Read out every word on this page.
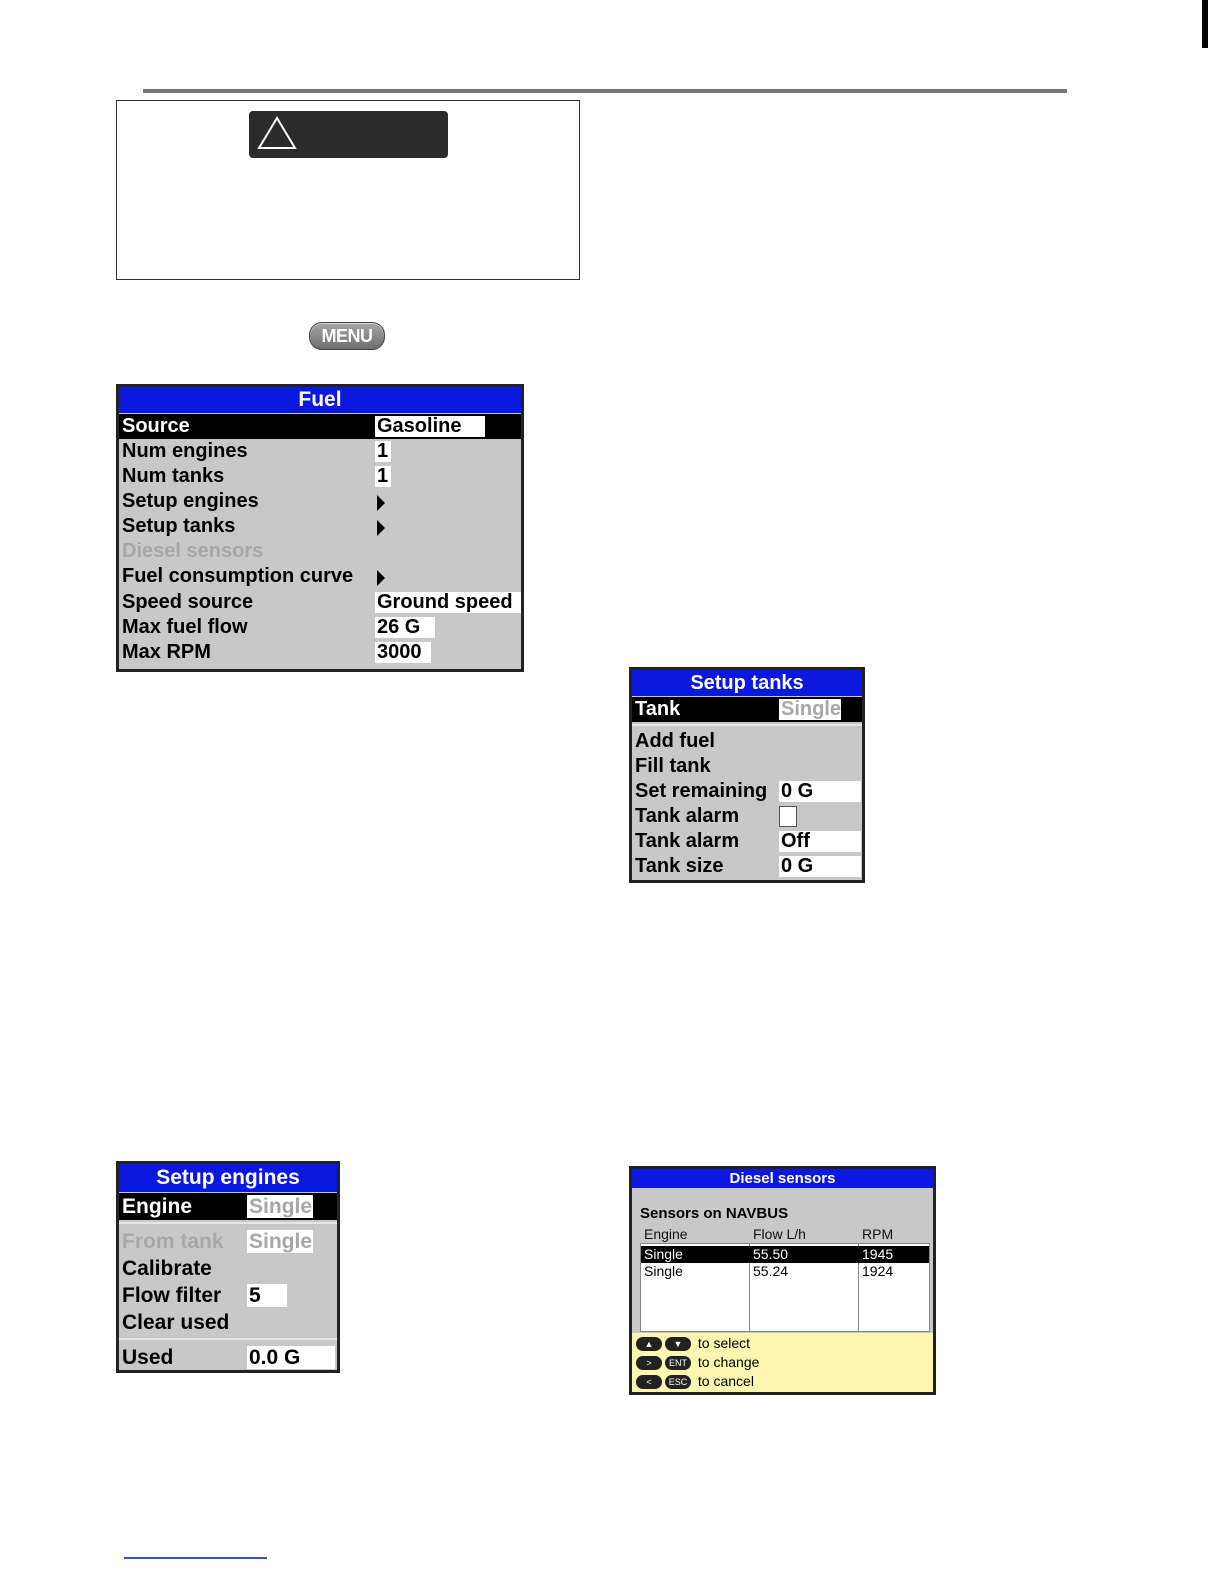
MENU
Fuel
Source	Gasoline
Num engines	1
Num tanks	1
Setup engines
Setup tanks
Diesel sensors
Fuel consumption curve
Speed source	Ground speed
Max fuel flow	26 G
Max RPM	3000
Setup tanks
Tank	Single
Add fuel
Fill tank
Set remaining 0 G
Tank alarm
Tank alarm Off
Tank size	0 G
Setup engines
Engine	Single
From tank Single
Calibrate
Flow filter 5
Clear used
Used	0.0 G
Diesel sensors
Sensors on NAVBUS
Engine	Flow L/h	RPM
Single	55.50	1945
Single	55.24	1924
▲ ▼ to select
> ENT to change
< ESC to cancel
